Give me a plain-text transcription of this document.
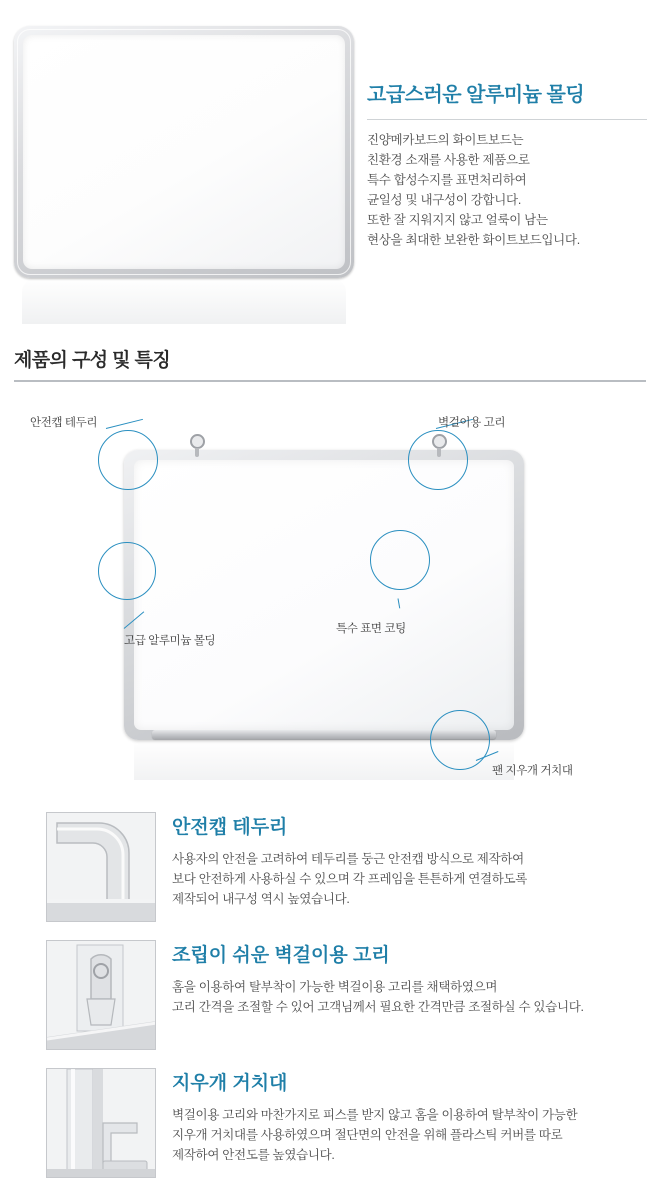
고급스러운 알루미늄 몰딩
진양메카보드의 화이트보드는
친환경 소재를 사용한 제품으로
특수 합성수지를 표면처리하여
균일성 및 내구성이 강합니다.
또한 잘 지워지지 않고 얼룩이 남는
현상을 최대한 보완한 화이트보드입니다.
제품의 구성 및 특징
안전캡 테두리	벽걸이용 고리
고급 알루미늄 몰딩
특수 표면 코팅
팬 지우개 거치대
안전캡 테두리
사용자의 안전을 고려하여 테두리를 둥근 안전캡 방식으로 제작하여
보다 안전하게 사용하실 수 있으며 각 프레임을 튼튼하게 연결하도록
제작되어 내구성 역시 높였습니다.
조립이 쉬운 벽걸이용 고리
홈을 이용하여 탈부착이 가능한 벽걸이용 고리를 채택하였으며
고리 간격을 조절할 수 있어 고객님께서 필요한 간격만큼 조절하실 수 있습니다.
지우개 거치대
벽걸이용 고리와 마찬가지로 피스를 받지 않고 홈을 이용하여 탈부착이 가능한
지우개 거치대를 사용하였으며 절단면의 안전을 위해 플라스틱 커버를 따로
제작하여 안전도를 높였습니다.
